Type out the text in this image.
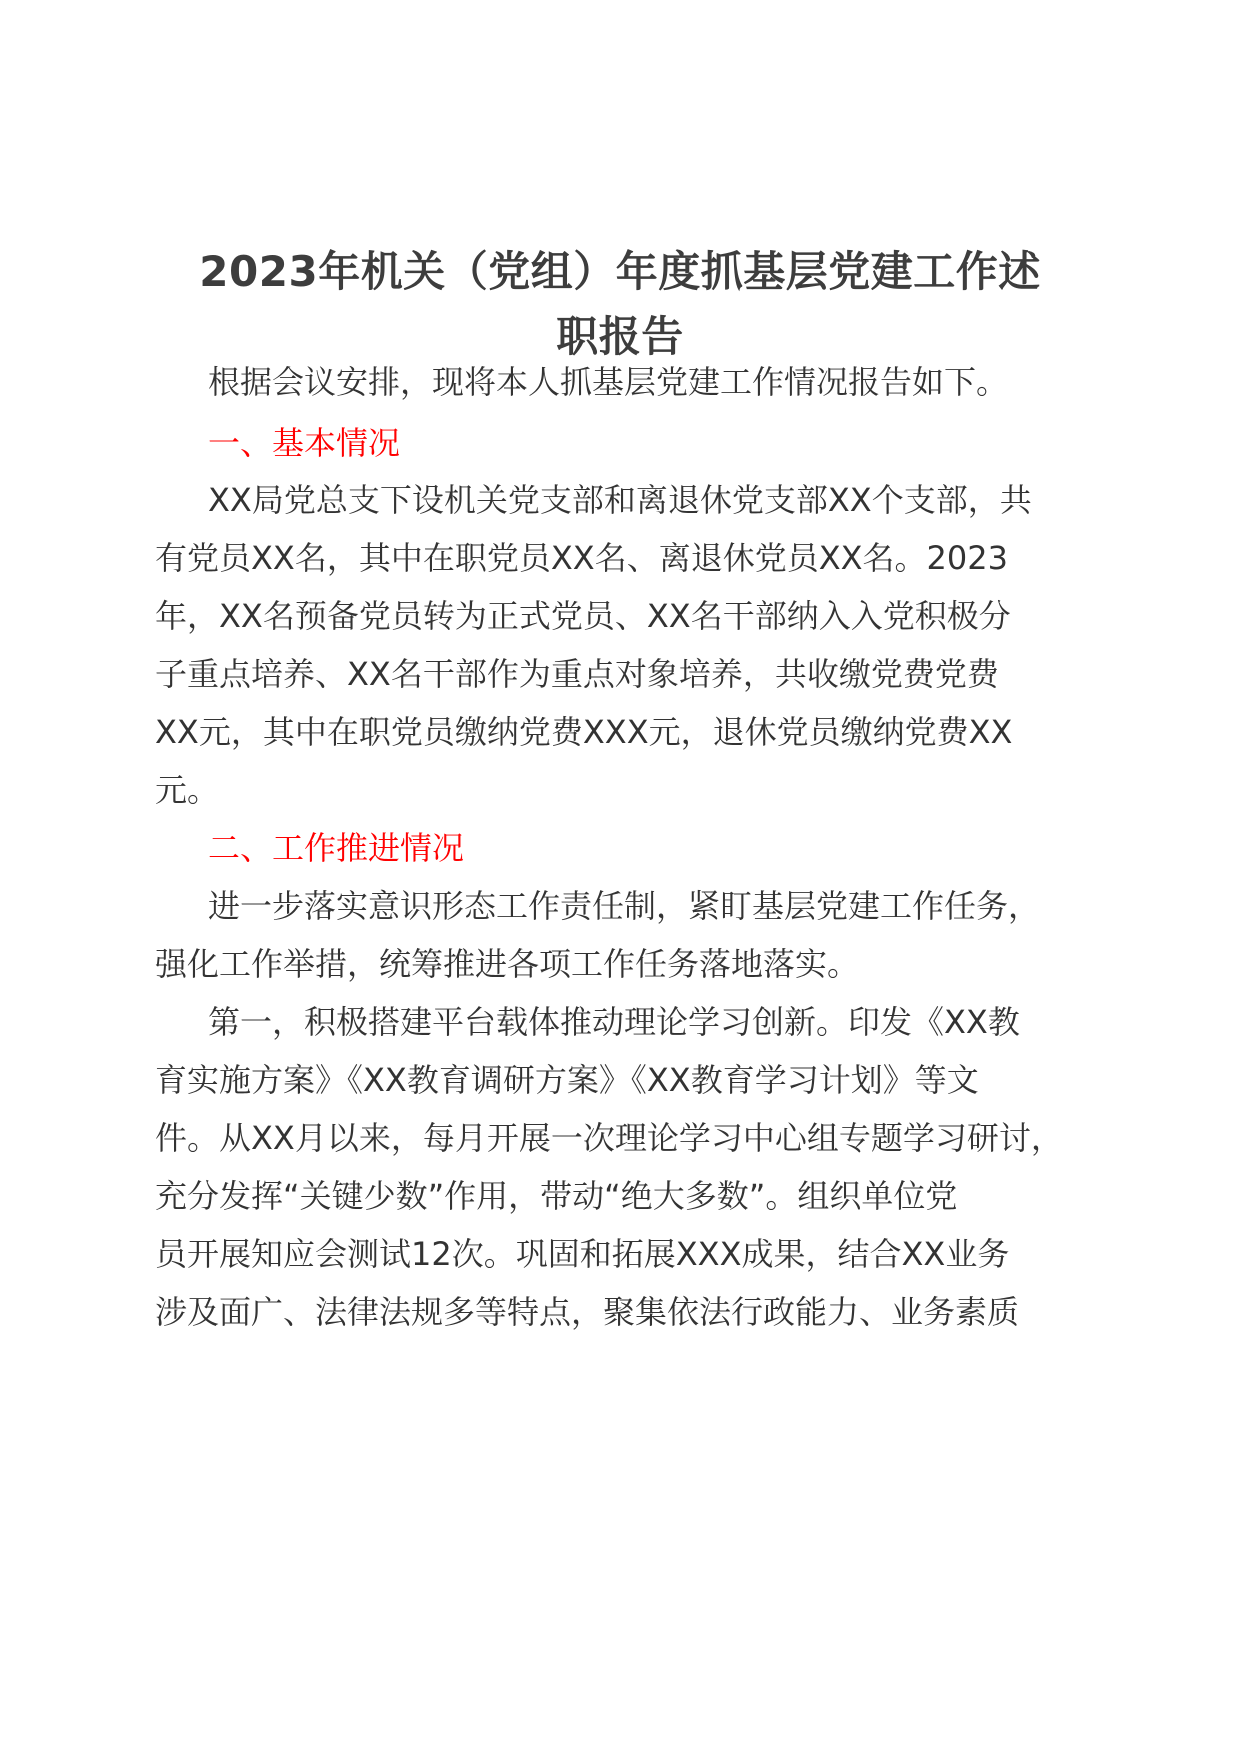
2023年机关（党组）年度抓基层党建工作述
职报告
根据会议安排，现将本人抓基层党建工作情况报告如下。
一、基本情况
XX局党总支下设机关党支部和离退休党支部XX个支部，共
有党员XX名，其中在职党员XX名、离退休党员XX名。2023
年，XX名预备党员转为正式党员、XX名干部纳入入党积极分
子重点培养、XX名干部作为重点对象培养，共收缴党费党费
XX元，其中在职党员缴纳党费XXX元，退休党员缴纳党费XX
元。
二、工作推进情况
进一步落实意识形态工作责任制，紧盯基层党建工作任务，
强化工作举措，统筹推进各项工作任务落地落实。
第一，积极搭建平台载体推动理论学习创新。印发《XX教
育实施方案》《XX教育调研方案》《XX教育学习计划》等文
件。从XX月以来，每月开展一次理论学习中心组专题学习研讨，
充分发挥“关键少数”作用，带动“绝大多数”。组织单位党
员开展知应会测试12次。巩固和拓展XXX成果，结合XX业务
涉及面广、法律法规多等特点，聚集依法行政能力、业务素质
